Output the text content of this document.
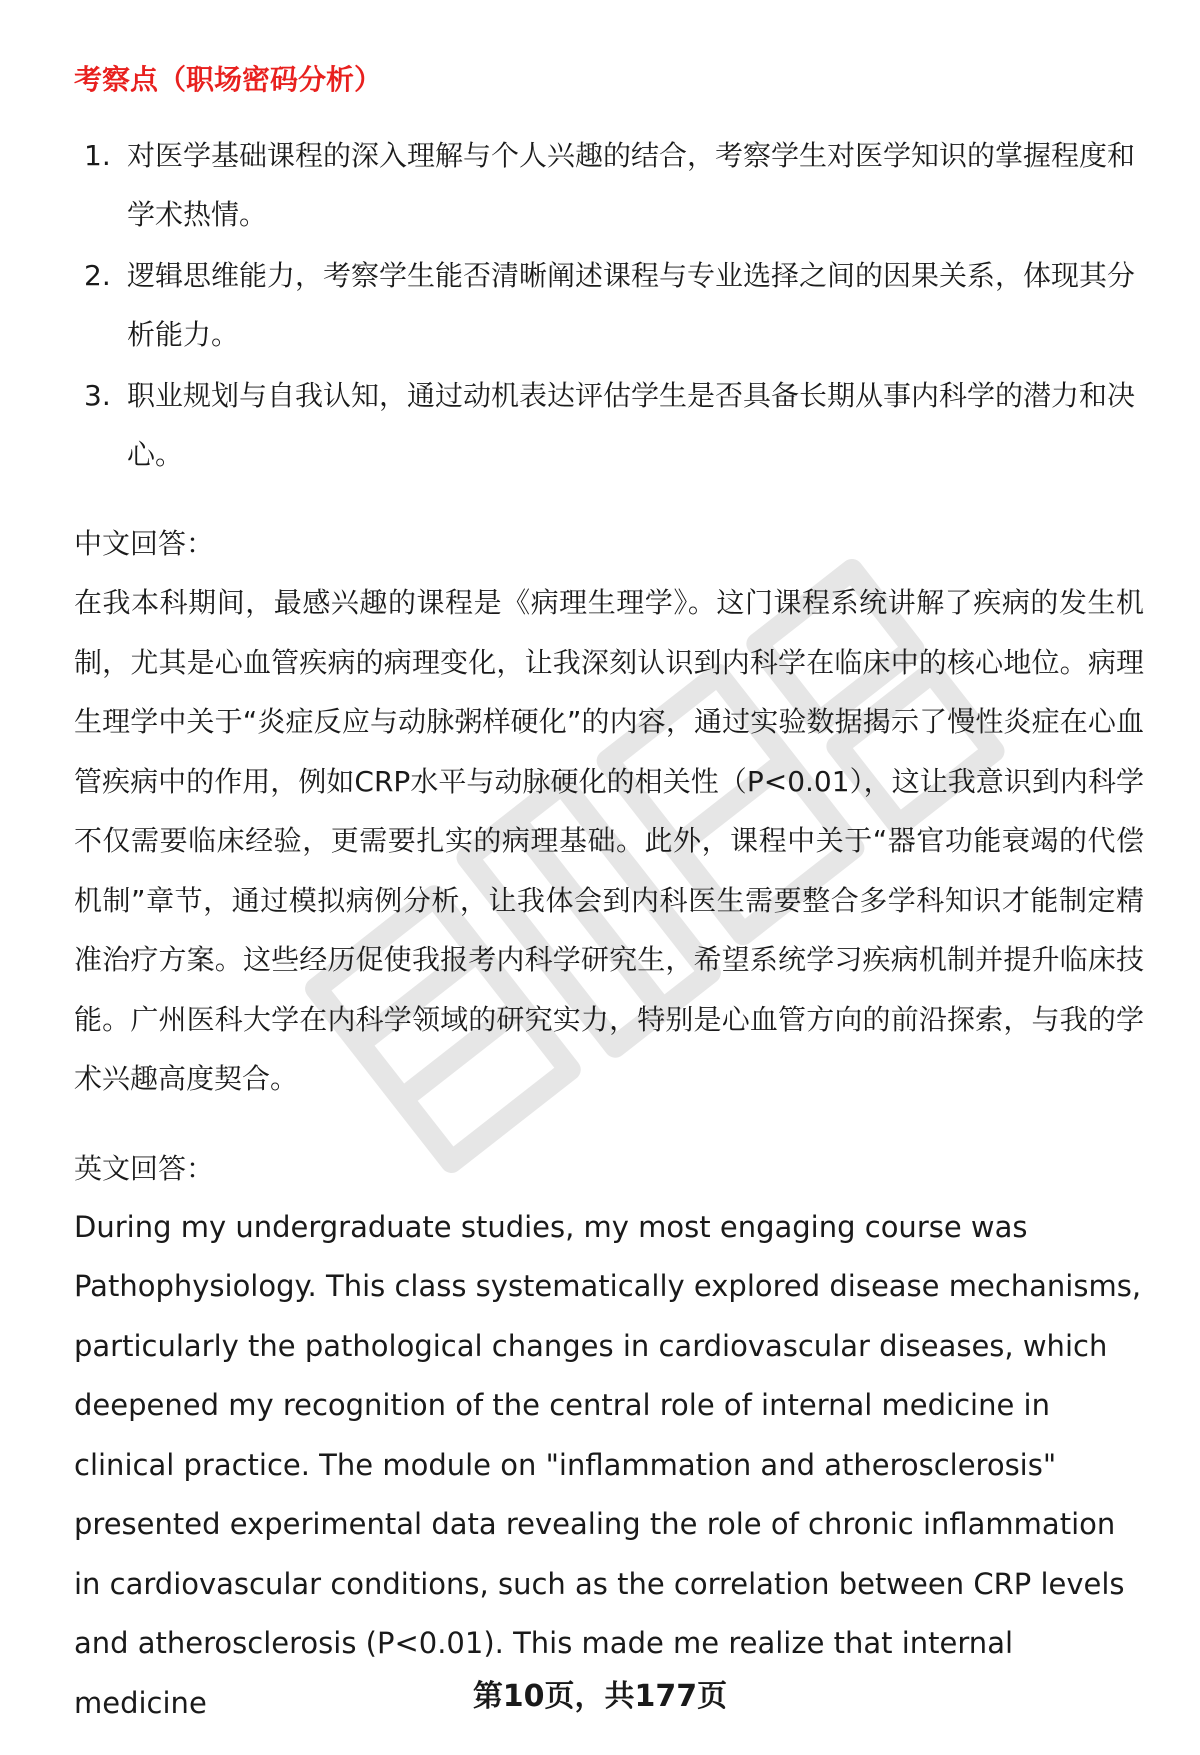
考察点（职场密码分析）
1. 对医学基础课程的深入理解与个人兴趣的结合，考察学生对医学知识的掌握程度和学术热情。
2. 逻辑思维能力，考察学生能否清晰阐述课程与专业选择之间的因果关系，体现其分析能力。
3. 职业规划与自我认知，通过动机表达评估学生是否具备长期从事内科学的潜力和决心。

中文回答：

在我本科期间，最感兴趣的课程是《病理生理学》。这门课程系统讲解了疾病的发生机制，尤其是心血管疾病的病理变化，让我深刻认识到内科学在临床中的核心地位。病理生理学中关于“炎症反应与动脉粥样硬化”的内容，通过实验数据揭示了慢性炎症在心血管疾病中的作用，例如CRP水平与动脉硬化的相关性（P<0.01），这让我意识到内科学不仅需要临床经验，更需要扎实的病理基础。此外，课程中关于“器官功能衰竭的代偿机制”章节，通过模拟病例分析，让我体会到内科医生需要整合多学科知识才能制定精准治疗方案。这些经历促使我报考内科学研究生，希望系统学习疾病机制并提升临床技能。广州医科大学在内科学领域的研究实力，特别是心血管方向的前沿探索，与我的学术兴趣高度契合。

英文回答：

During my undergraduate studies, my most engaging course was Pathophysiology. This class systematically explored disease mechanisms, particularly the pathological changes in cardiovascular diseases, which deepened my recognition of the central role of internal medicine in clinical practice. The module on "inflammation and atherosclerosis" presented experimental data revealing the role of chronic inflammation in cardiovascular conditions, such as the correlation between CRP levels and atherosclerosis (P<0.01). This made me realize that internal medicine	第10页，共177页
